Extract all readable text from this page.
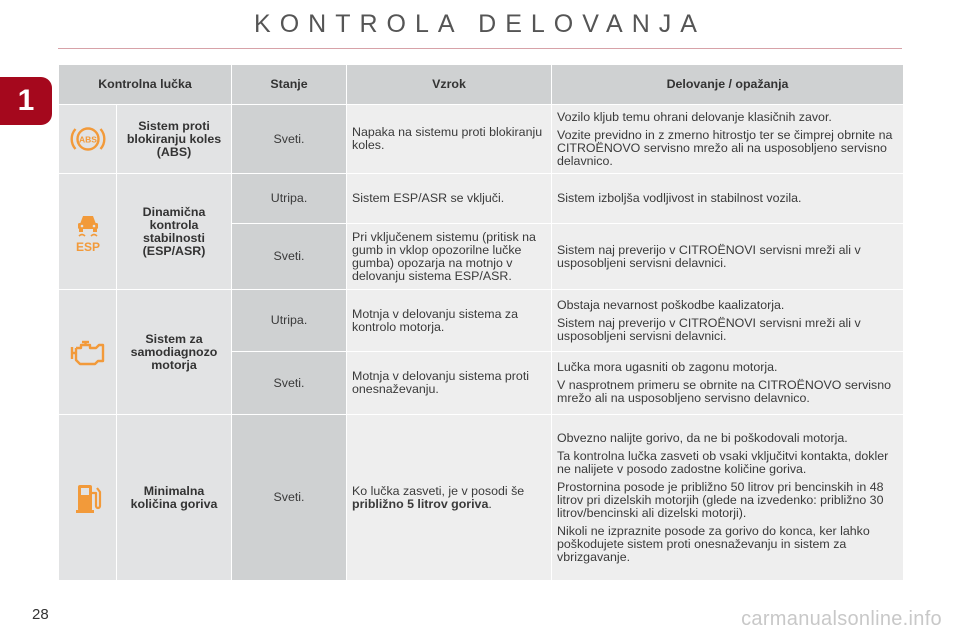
KONTROLA DELOVANJA
1	Kontrolna lučka		Stanje	Vzrok	Delovanje / opažanja

ABS	Sistem proti blokiranju koles (ABS)	Sveti.	Napaka na sistemu proti blokiranju koles.	Vozilo kljub temu ohrani delovanje klasičnih zavor.

Vozite previdno in z zmerno hitrostjo ter se čimprej obrnite na CITROËNOVO servisno mrežo ali na usposobljeno servisno delavnico.

ESP	Dinamična kontrola stabilnosti (ESP/ASR)	Utripa.	Sistem ESP/ASR se vključi.	Sistem izboljša vodljivost in stabilnost vozila.

		Sveti.	Pri vključenem sistemu (pritisk na gumb in vklop opozorilne lučke gumba) opozarja na motnjo v delovanju sistema ESP/ASR.	Sistem naj preverijo v CITROËNOVI servisni mreži ali v usposobljeni servisni delavnici.

	Sistem za samodiagnozo motorja	Utripa.	Motnja v delovanju sistema za kontrolo motorja.	Obstaja nevarnost poškodbe kaalizatorja.

Sistem naj preverijo v CITROËNOVI servisni mreži ali v usposobljeni servisni delavnici.

		Sveti.	Motnja v delovanju sistema proti onesnaževanju.	Lučka mora ugasniti ob zagonu motorja.

V nasprotnem primeru se obrnite na CITROËNOVO servisno mrežo ali na usposobljeno servisno delavnico.

	Minimalna količina goriva	Sveti.	Ko lučka zasveti, je v posodi še približno 5 litrov goriva.	Obvezno nalijte gorivo, da ne bi poškodovali motorja.

Ta kontrolna lučka zasveti ob vsaki vključitvi kontakta, dokler ne nalijete v posodo zadostne količine goriva.

Prostornina posode je približno 50 litrov pri bencinskih in 48 litrov pri dizelskih motorjih (glede na izvedenko: približno 30 litrov/bencinski ali dizelski motorji).

Nikoli ne izpraznite posode za gorivo do konca, ker lahko poškodujete sistem proti onesnaževanju in sistem za vbrizgavanje.

28	carmanualsonline.info
